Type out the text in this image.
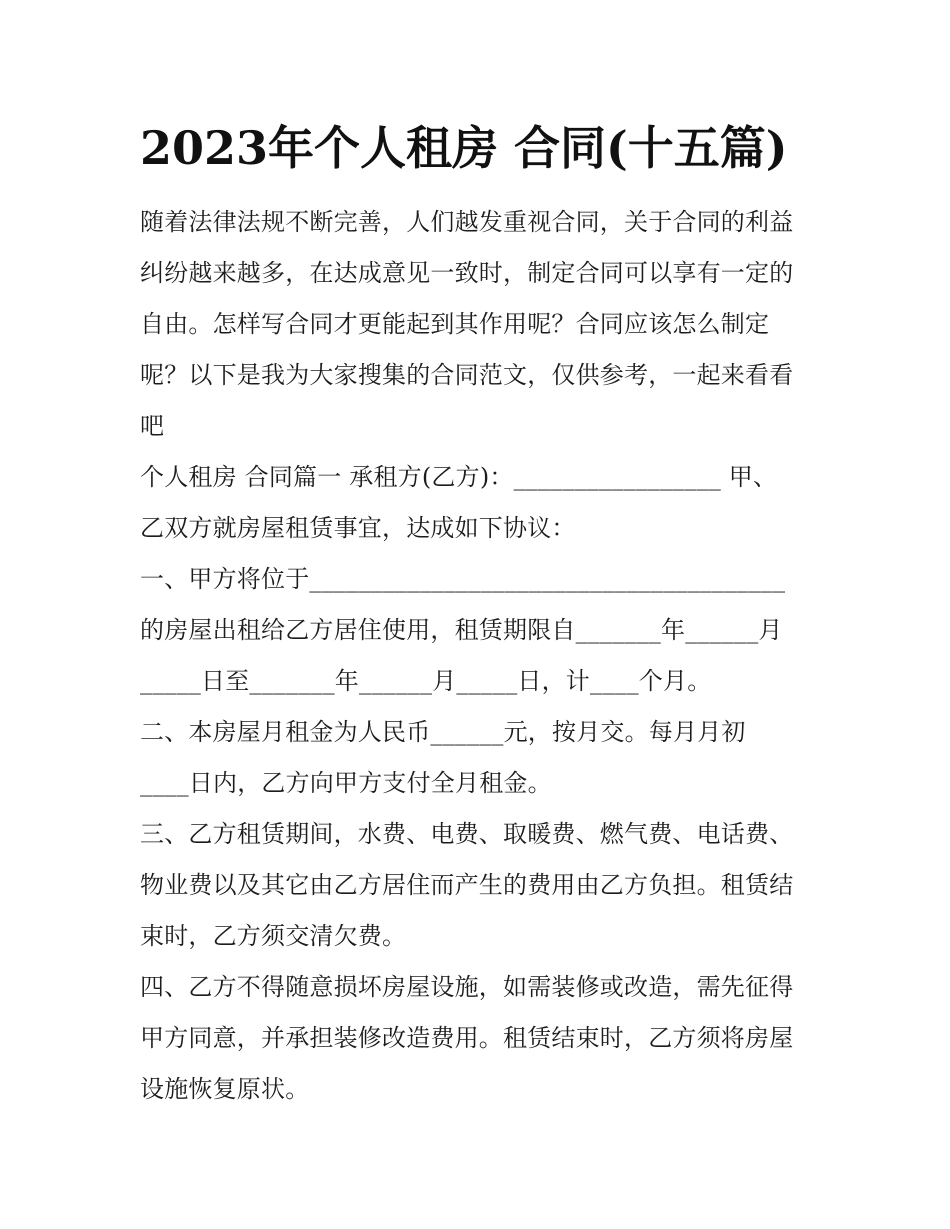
2023年个人租房 合同(十五篇)

随着法律法规不断完善，人们越发重视合同，关于合同的利益
纠纷越来越多，在达成意见一致时，制定合同可以享有一定的
自由。怎样写合同才更能起到其作用呢？合同应该怎么制定
呢？以下是我为大家搜集的合同范文，仅供参考，一起来看看
吧

个人租房 合同篇一 承租方(乙方)：_________________ 甲、
乙双方就房屋租赁事宜，达成如下协议：

一、甲方将位于_______________________________________
的房屋出租给乙方居住使用，租赁期限自_______年______月
_____日至_______年______月_____日，计____个月。

二、本房屋月租金为人民币______元，按月交。每月月初
____日内，乙方向甲方支付全月租金。

三、乙方租赁期间，水费、电费、取暖费、燃气费、电话费、
物业费以及其它由乙方居住而产生的费用由乙方负担。租赁结
束时，乙方须交清欠费。

四、乙方不得随意损坏房屋设施，如需装修或改造，需先征得
甲方同意，并承担装修改造费用。租赁结束时，乙方须将房屋
设施恢复原状。
